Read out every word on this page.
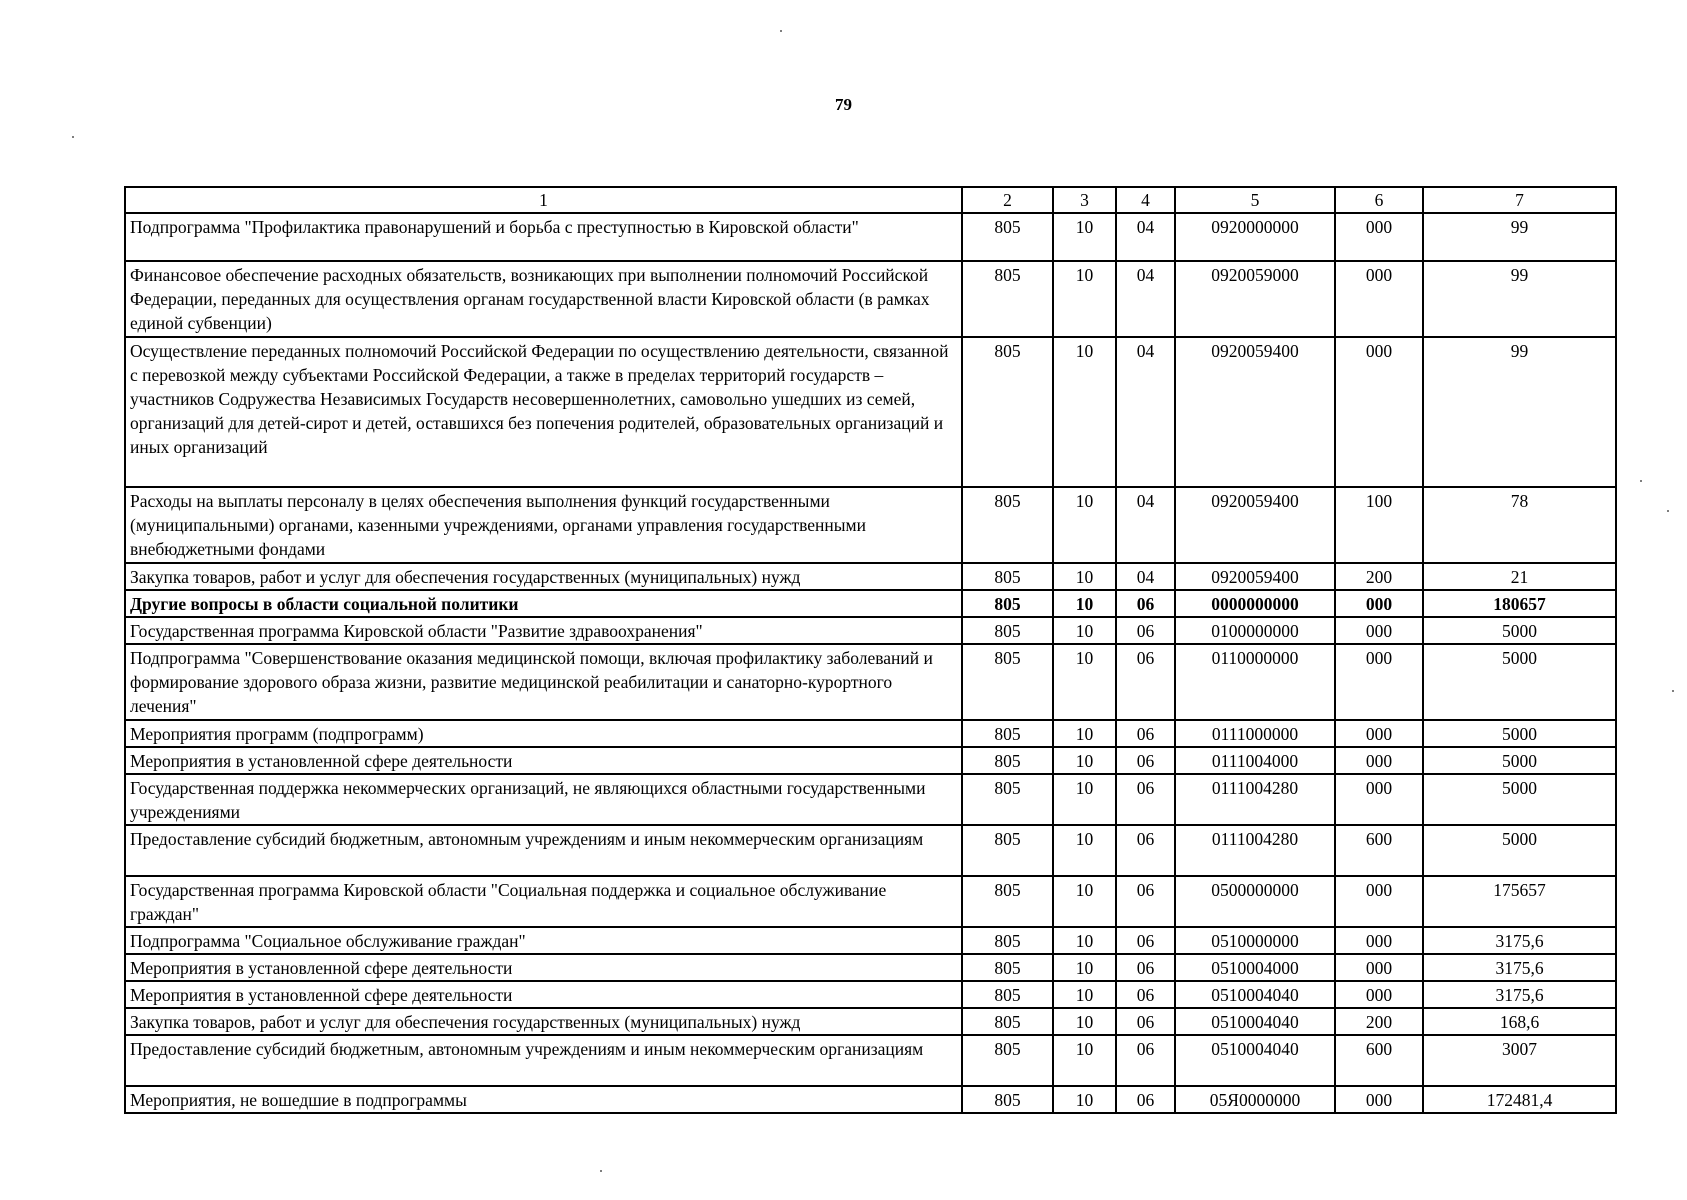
79
1	2	3	4	5	6	7
Подпрограмма "Профилактика правонарушений и борьба с преступностью в Кировской области"	805	10	04	0920000000	000	99
Финансовое обеспечение расходных обязательств, возникающих при выполнении полномочий Российской Федерации, переданных для осуществления органам государственной власти Кировской области (в рамках единой субвенции)	805	10	04	0920059000	000	99
Осуществление переданных полномочий Российской Федерации по осуществлению деятельности, связанной с перевозкой между субъектами Российской Федерации, а также в пределах территорий государств – участников Содружества Независимых Государств несовершеннолетних, самовольно ушедших из семей, организаций для детей-сирот и детей, оставшихся без попечения родителей, образовательных организаций и иных организаций	805	10	04	0920059400	000	99
Расходы на выплаты персоналу в целях обеспечения выполнения функций государственными (муниципальными) органами, казенными учреждениями, органами управления государственными внебюджетными фондами	805	10	04	0920059400	100	78
Закупка товаров, работ и услуг для обеспечения государственных (муниципальных) нужд	805	10	04	0920059400	200	21
Другие вопросы в области социальной политики	805	10	06	0000000000	000	180657
Государственная программа Кировской области "Развитие здравоохранения"	805	10	06	0100000000	000	5000
Подпрограмма "Совершенствование оказания медицинской помощи, включая профилактику заболеваний и формирование здорового образа жизни, развитие медицинской реабилитации и санаторно-курортного лечения"	805	10	06	0110000000	000	5000
Мероприятия программ (подпрограмм)	805	10	06	0111000000	000	5000
Мероприятия в установленной сфере деятельности	805	10	06	0111004000	000	5000
Государственная поддержка некоммерческих организаций, не являющихся областными государственными учреждениями	805	10	06	0111004280	000	5000
Предоставление субсидий бюджетным, автономным учреждениям и иным некоммерческим организациям	805	10	06	0111004280	600	5000
Государственная программа Кировской области "Социальная поддержка и социальное обслуживание граждан"	805	10	06	0500000000	000	175657
Подпрограмма "Социальное обслуживание граждан"	805	10	06	0510000000	000	3175,6
Мероприятия в установленной сфере деятельности	805	10	06	0510004000	000	3175,6
Мероприятия в установленной сфере деятельности	805	10	06	0510004040	000	3175,6
Закупка товаров, работ и услуг для обеспечения государственных (муниципальных) нужд	805	10	06	0510004040	200	168,6
Предоставление субсидий бюджетным, автономным учреждениям и иным некоммерческим организациям	805	10	06	0510004040	600	3007
Мероприятия, не вошедшие в подпрограммы	805	10	06	05Я0000000	000	172481,4
